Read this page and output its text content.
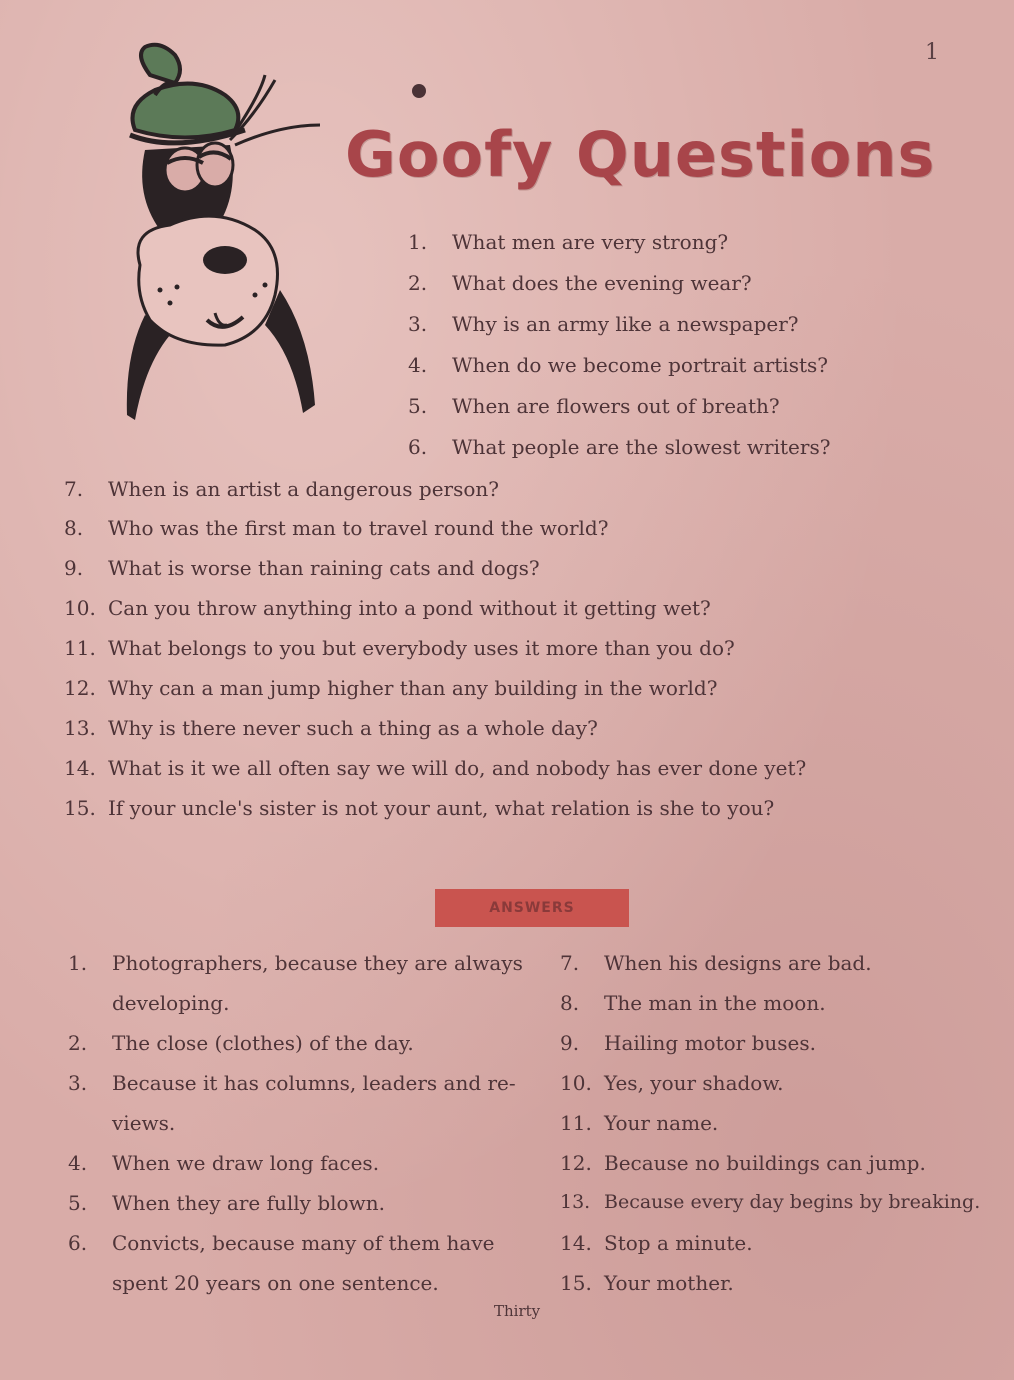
1
Goofy Questions
1.	What men are very strong?
2.	What does the evening wear?
3.	Why is an army like a newspaper?
4.	When do we become portrait artists?
5.	When are flowers out of breath?
6.	What people are the slowest writers?
7.	When is an artist a dangerous person?
8.	Who was the first man to travel round the world?
9.	What is worse than raining cats and dogs?
10. Can you throw anything into a pond without it getting wet?
11. What belongs to you but everybody uses it more than you do?
12. Why can a man jump higher than any building in the world?
13. Why is there never such a thing as a whole day?
14. What is it we all often say we will do, and nobody has ever done yet?
15. If your uncle's sister is not your aunt, what relation is she to you?
ANSWERS
1.	Photographers, because they are always
developing.
2.	The close (clothes) of the day.
3.	Because it has columns, leaders and re-
views.
4.	When we draw long faces.
5.	When they are fully blown.
6.	Convicts, because many of them have
spent 20 years on one sentence.
7.	When his designs are bad.
8.	The man in the moon.
9.	Hailing motor buses.
10. Yes, your shadow.
11. Your name.
12. Because no buildings can jump.
13. Because every day begins by breaking.
14. Stop a minute.
15. Your mother.
Thirty
